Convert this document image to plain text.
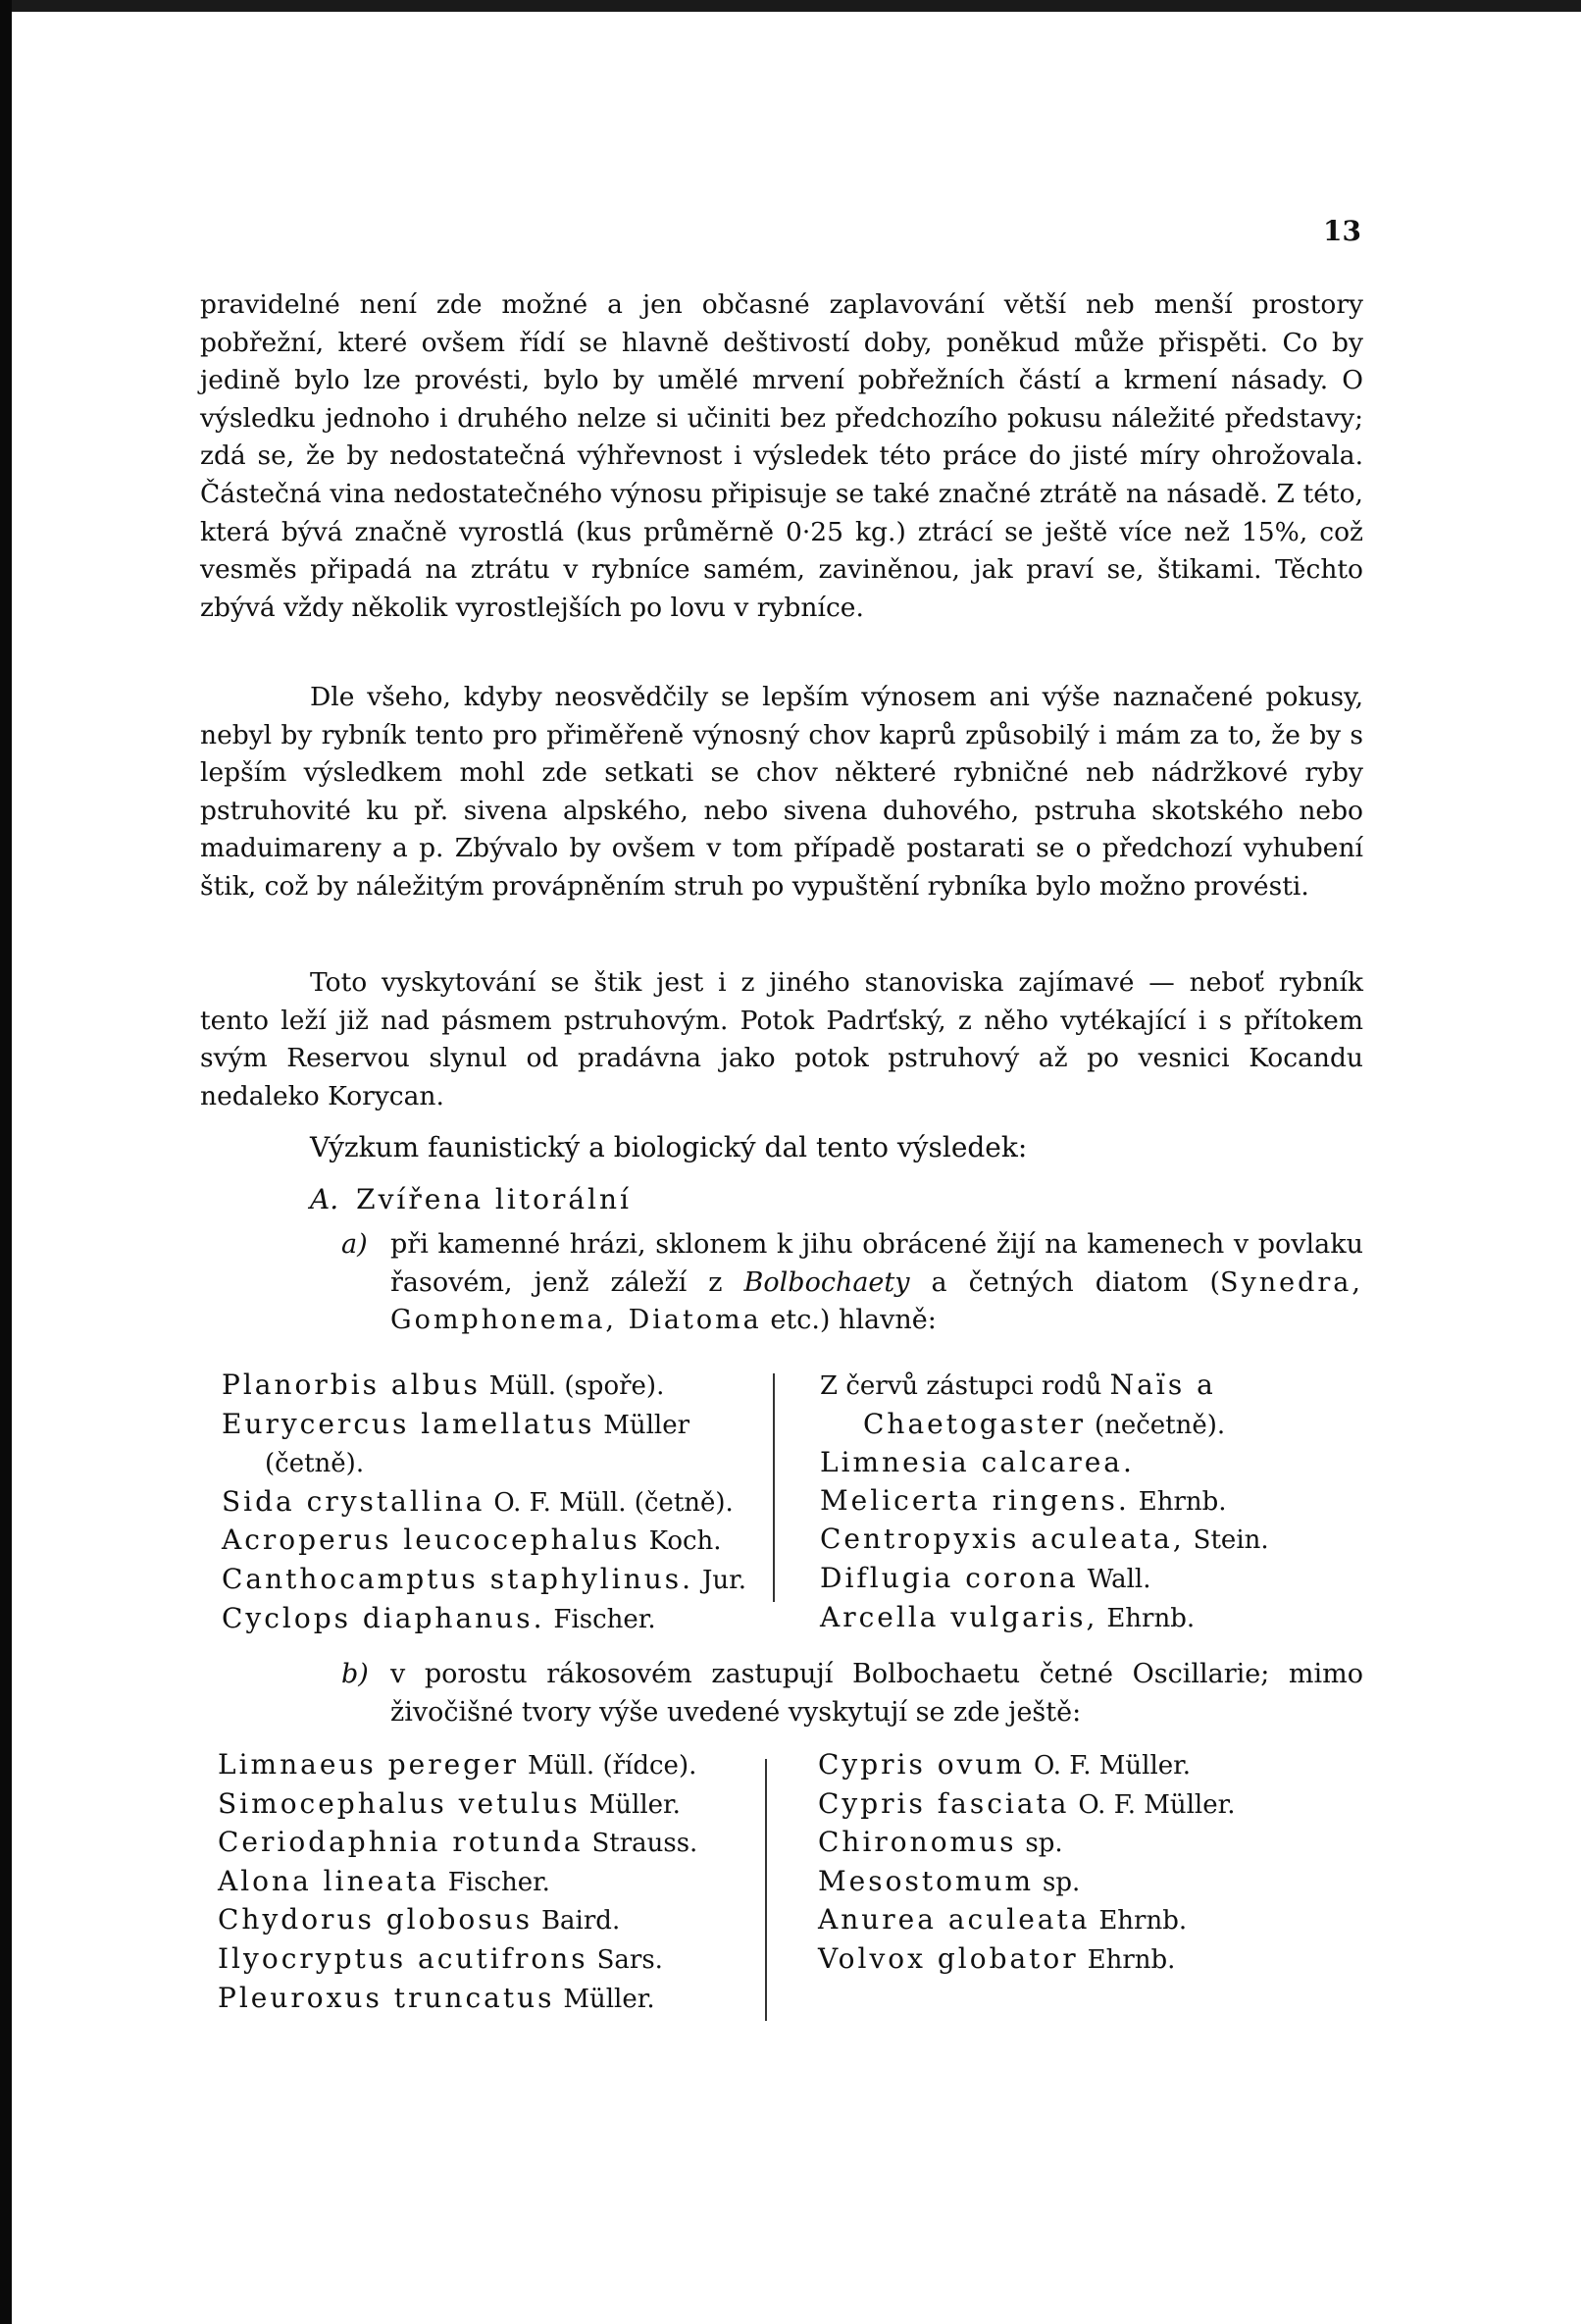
13

pravidelné není zde možné a jen občasné zaplavování větší neb menší prostory pobřežní, které ovšem řídí se hlavně deštivostí doby, poněkud může přispěti. Co by jedině bylo lze provésti, bylo by umělé mrvení pobřežních částí a krmení násady. O výsledku jednoho i druhého nelze si učiniti bez předchozího pokusu náležité představy; zdá se, že by nedostatečná výhřevnost i výsledek této práce do jisté míry ohrožovala. Částečná vina nedostatečného výnosu připisuje se také značné ztrátě na násadě. Z této, která bývá značně vyrostlá (kus průměrně 0·25 kg.) ztrácí se ještě více než 15%, což vesměs připadá na ztrátu v rybníce samém, zaviněnou, jak praví se, štikami. Těchto zbývá vždy několik vyrostlejších po lovu v rybníce.

Dle všeho, kdyby neosvědčily se lepším výnosem ani výše naznačené pokusy, nebyl by rybník tento pro přiměřeně výnosný chov kaprů způsobilý i mám za to, že by s lepším výsledkem mohl zde setkati se chov některé rybničné neb nádržkové ryby pstruhovité ku př. sivena alpského, nebo sivena duhového, pstruha skotského nebo maduimareny a p. Zbývalo by ovšem v tom případě postarati se o předchozí vyhubení štik, což by náležitým provápněním struh po vypuštění rybníka bylo možno provésti.

Toto vyskytování se štik jest i z jiného stanoviska zajímavé — neboť rybník tento leží již nad pásmem pstruhovým. Potok Padrťský, z něho vytékající i s přítokem svým Reservou slynul od pradávna jako potok pstruhový až po vesnici Kocandu nedaleko Korycan.

Výzkum faunistický a biologický dal tento výsledek:

A. Zvířena litorální

a) při kamenné hrázi, sklonem k jihu obrácené žijí na kamenech v povlaku řasovém, jenž záleží z Bolbochaety a četných diatom (Synedra, Gomphonema, Diatoma etc.) hlavně:

Planorbis albus Müll. (spoře).
Eurycercus lamellatus Müller (četně).
Sida crystallina O. F. Müll. (četně).
Acroperus leucocephalus Koch.
Canthocamptus staphylinus. Jur.
Cyclops diaphanus. Fischer.
Z červů zástupci rodů Naïs a Chaetogaster (nečetně).
Limnesia calcarea.
Melicerta ringens. Ehrnb.
Centropyxis aculeata, Stein.
Diflugia corona Wall.
Arcella vulgaris, Ehrnb.

b) v porostu rákosovém zastupují Bolbochaetu četné Oscillarie; mimo živočišné tvory výše uvedené vyskytují se zde ještě:

Limnaeus pereger Müll. (řídce).
Simocephalus vetulus Müller.
Ceriodaphnia rotunda Strauss.
Alona lineata Fischer.
Chydorus globosus Baird.
Ilyocryptus acutifrons Sars.
Pleuroxus truncatus Müller.
Cypris ovum O. F. Müller.
Cypris fasciata O. F. Müller.
Chironomus sp.
Mesostomum sp.
Anurea aculeata Ehrnb.
Volvox globator Ehrnb.
